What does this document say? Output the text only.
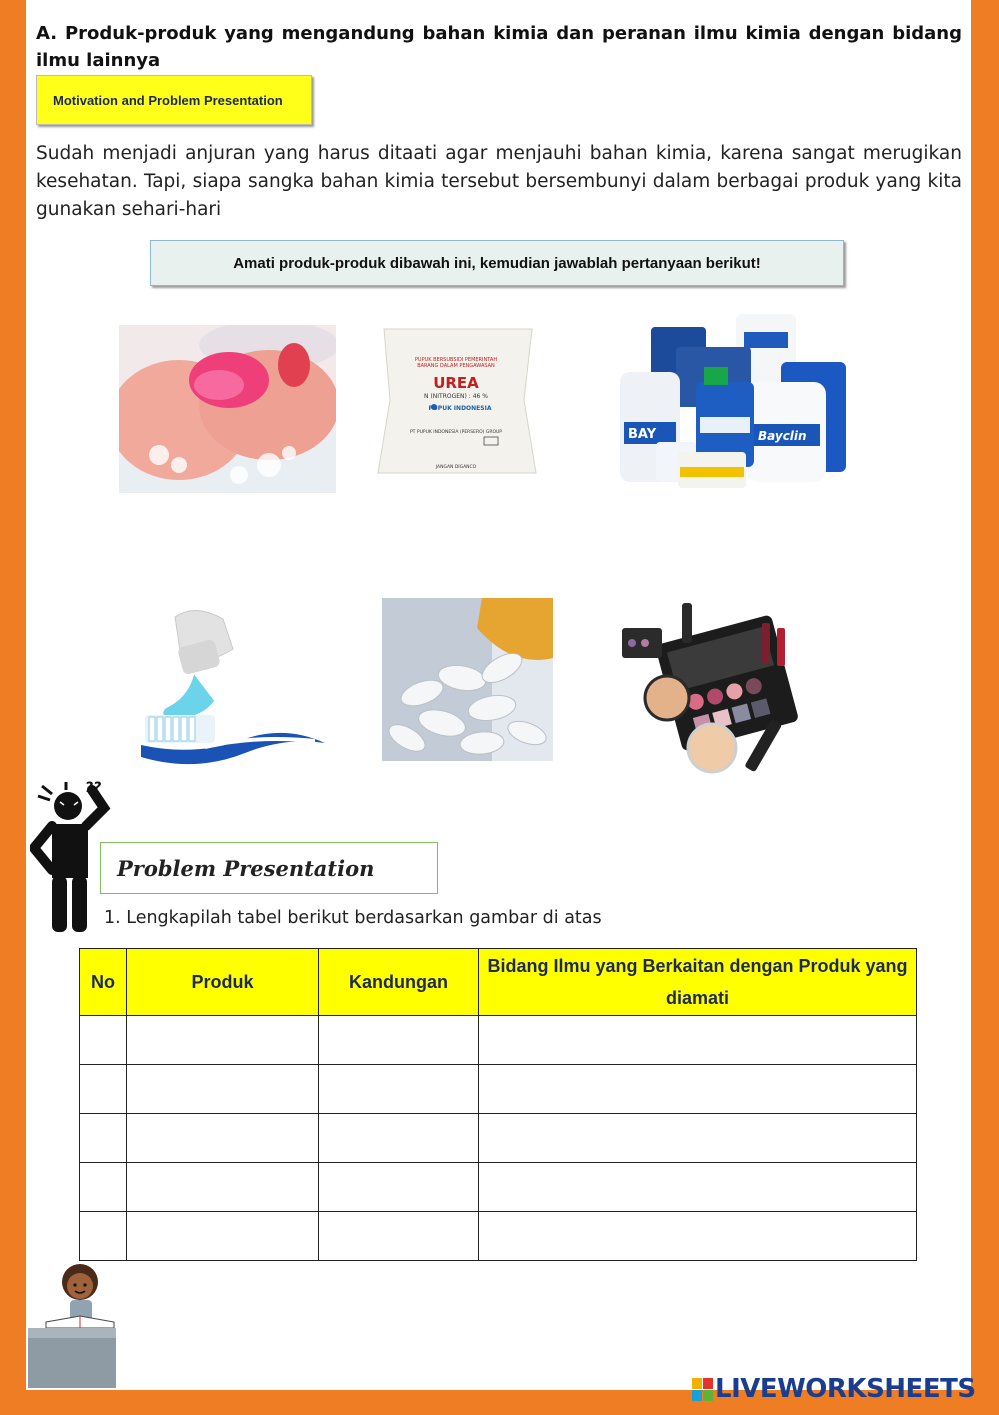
A. Produk-produk yang mengandung bahan kimia dan peranan ilmu kimia dengan bidang ilmu lainnya
Motivation and Problem Presentation
Sudah menjadi anjuran yang harus ditaati agar menjauhi bahan kimia, karena sangat merugikan kesehatan. Tapi, siapa sangka bahan kimia tersebut bersembunyi dalam berbagai produk yang kita gunakan sehari-hari
Amati produk-produk dibawah ini, kemudian jawablah pertanyaan berikut!
PUPUK BERSUBSIDI PEMERINTAH
BARANG DALAM PENGAWASAN
UREA
N (NITROGEN) : 46 %
PUPUK INDONESIA
PT PUPUK INDONESIA (PERSERO) GROUP
JANGAN DIGANCO
BAY	Bayclin
??
Problem Presentation
1. Lengkapilah tabel berikut berdasarkan gambar di atas
No	Produk	Kandungan	Bidang Ilmu yang Berkaitan dengan Produk yang diamati

LIVEWORKSHEETS
